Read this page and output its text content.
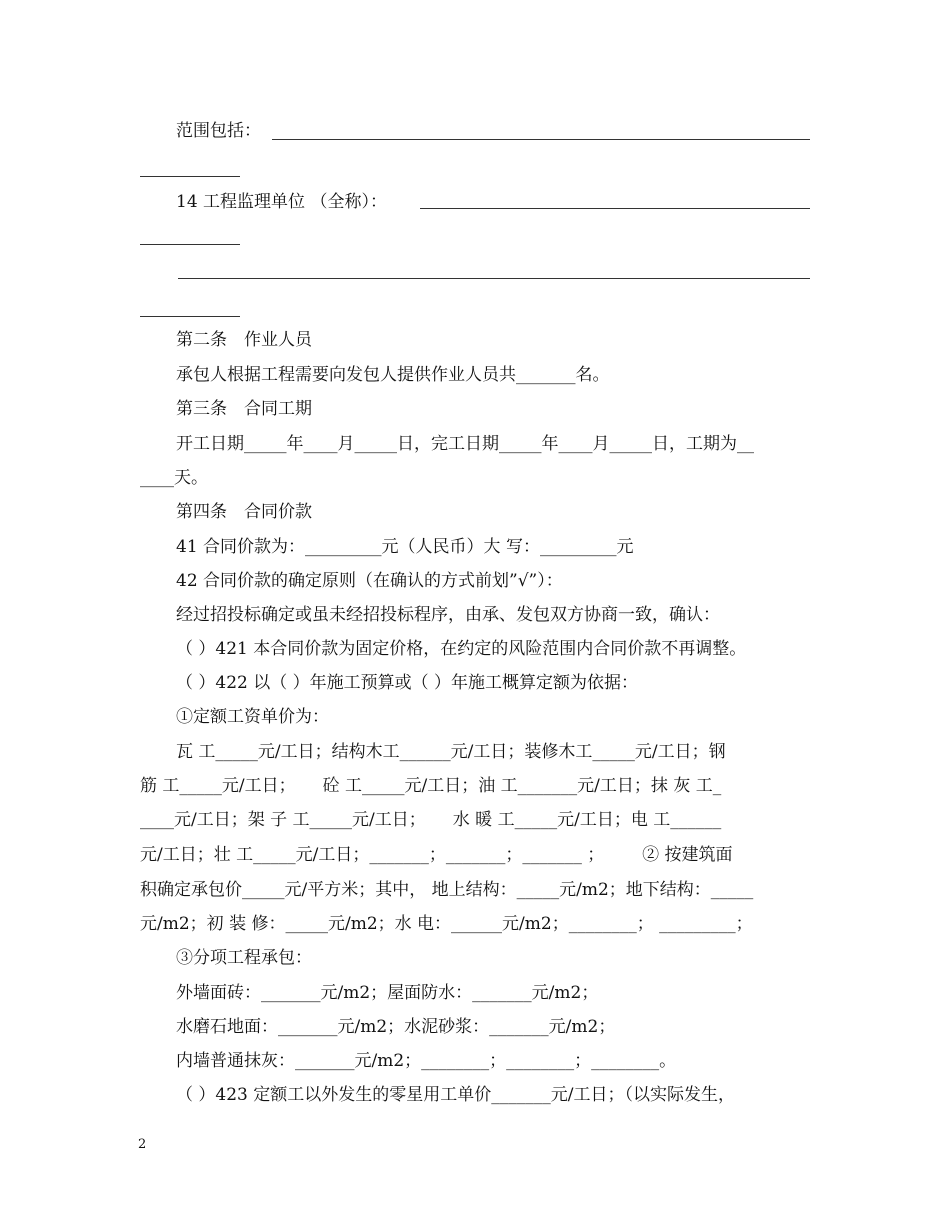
范围包括：
14 工程监理单位 （全称）：
第二条　作业人员
承包人根据工程需要向发包人提供作业人员共_______名。
第三条　合同工期
开工日期_____年____月_____日，完工日期_____年____月_____日，工期为__
____天。
第四条　合同价款
41 合同价款为：_________元（人民币）大 写：_________元
42 合同价款的确定原则（在确认的方式前划”√”）：
经过招投标确定或虽未经招投标程序，由承、发包双方协商一致，确认：
（ ）421 本合同价款为固定价格，在约定的风险范围内合同价款不再调整。
（ ）422 以（ ）年施工预算或（ ）年施工概算定额为依据：
①定额工资单价为：
瓦 工_____元/工日；结构木工______元/工日；装修木工_____元/工日；钢
筋 工_____元/工日；     砼 工_____元/工日；油 工_______元/工日；抹 灰 工_
____元/工日；架 子 工_____元/工日；     水 暖 工_____元/工日；电 工______
元/工日；壮 工_____元/工日；_______；_______；_______ ；       ② 按建筑面
积确定承包价_____元/平方米；其中， 地上结构：_____元/m2；地下结构：_____
元/m2；初 装 修：_____元/m2；水 电：______元/m2；________； _________；
③分项工程承包：
外墙面砖：_______元/m2；屋面防水：_______元/m2；
水磨石地面：_______元/m2；水泥砂浆：_______元/m2；
内墙普通抹灰：_______元/m2；________；________；________。
（ ）423 定额工以外发生的零星用工单价_______元/工日；（以实际发生，
2
